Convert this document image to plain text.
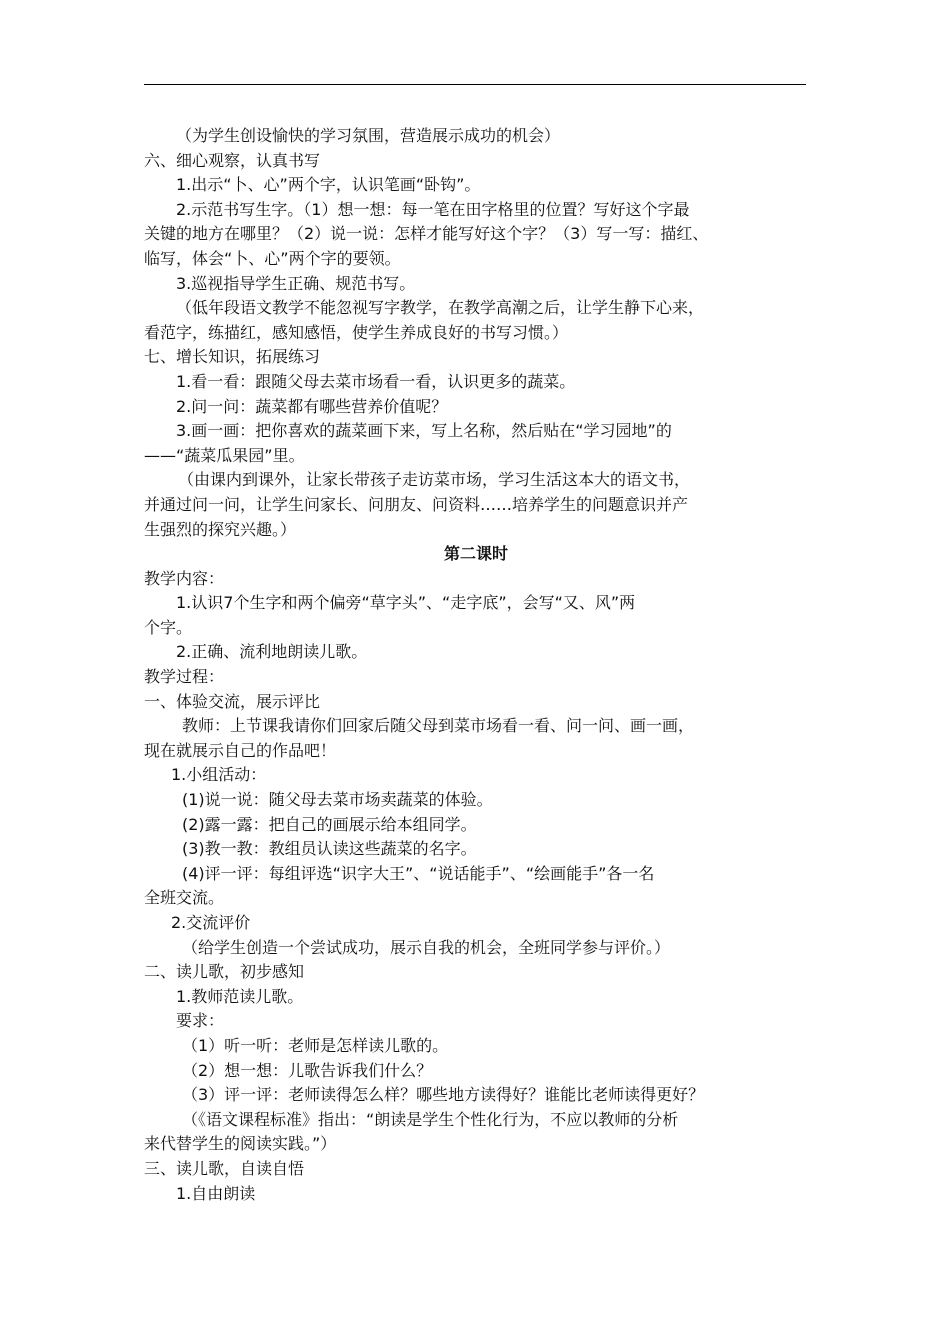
（为学生创设愉快的学习氛围，营造展示成功的机会）

六、细心观察，认真书写

1.出示“卜、心”两个字，认识笔画“卧钩”。

2.示范书写生字。（1）想一想：每一笔在田字格里的位置？写好这个字最

关键的地方在哪里？（2）说一说：怎样才能写好这个字？（3）写一写：描红、

临写，体会“卜、心”两个字的要领。

3.巡视指导学生正确、规范书写。

（低年段语文教学不能忽视写字教学，在教学高潮之后，让学生静下心来，

看范字，练描红，感知感悟，使学生养成良好的书写习惯。）

七、增长知识，拓展练习

1.看一看：跟随父母去菜市场看一看，认识更多的蔬菜。

2.问一问：蔬菜都有哪些营养价值呢？

3.画一画：把你喜欢的蔬菜画下来，写上名称，然后贴在“学习园地”的

——“蔬菜瓜果园”里。

（由课内到课外，让家长带孩子走访菜市场，学习生活这本大的语文书，

并通过问一问，让学生问家长、问朋友、问资料……培养学生的问题意识并产

生强烈的探究兴趣。）

第二课时

教学内容：

1.认识7个生字和两个偏旁“草字头”、“走字底”，会写“又、风”两

个字。

2.正确、流利地朗读儿歌。

教学过程：

一、体验交流，展示评比

教师：上节课我请你们回家后随父母到菜市场看一看、问一问、画一画，

现在就展示自己的作品吧！

1.小组活动：

(1)说一说：随父母去菜市场卖蔬菜的体验。

(2)露一露：把自己的画展示给本组同学。

(3)教一教：教组员认读这些蔬菜的名字。

(4)评一评：每组评选“识字大王”、“说话能手”、“绘画能手”各一名

全班交流。

2.交流评价

（给学生创造一个尝试成功，展示自我的机会，全班同学参与评价。）

二、读儿歌，初步感知

1.教师范读儿歌。

要求：

（1）听一听：老师是怎样读儿歌的。

（2）想一想：儿歌告诉我们什么？

（3）评一评：老师读得怎么样？哪些地方读得好？谁能比老师读得更好？

（《语文课程标准》指出：“朗读是学生个性化行为，不应以教师的分析

来代替学生的阅读实践。”）

三、读儿歌，自读自悟

1.自由朗读
